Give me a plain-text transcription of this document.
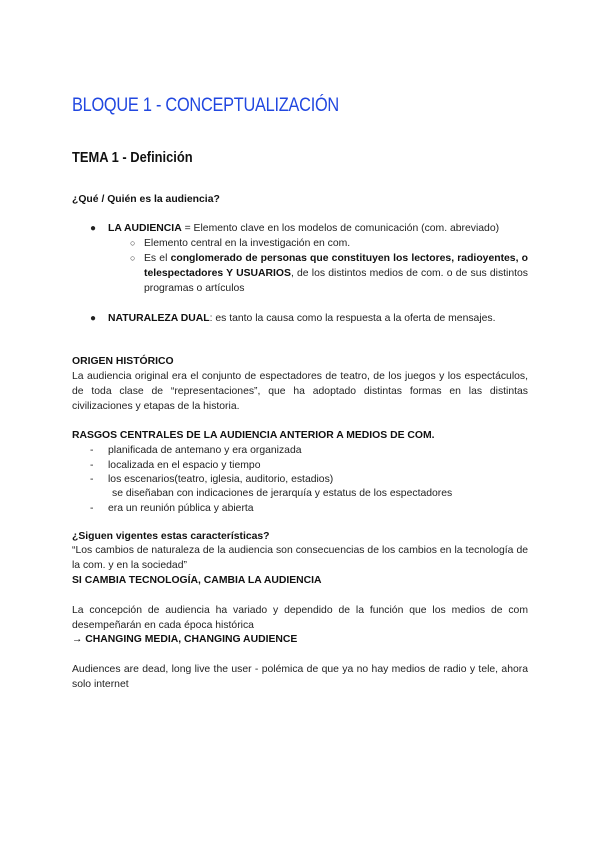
BLOQUE 1 - CONCEPTUALIZACIÓN
TEMA 1 - Definición
¿Qué / Quién es la audiencia?
● LA AUDIENCIA = Elemento clave en los modelos de comunicación (com. abreviado)
○ Elemento central en la investigación en com.
○ Es el conglomerado de personas que constituyen los lectores, radioyentes, o telespectadores Y USUARIOS, de los distintos medios de com. o de sus distintos programas o artículos
● NATURALEZA DUAL: es tanto la causa como la respuesta a la oferta de mensajes.
ORIGEN HISTÓRICO
La audiencia original era el conjunto de espectadores de teatro, de los juegos y los espectáculos, de toda clase de “representaciones”, que ha adoptado distintas formas en las distintas civilizaciones y etapas de la historia.
RASGOS CENTRALES DE LA AUDIENCIA ANTERIOR A MEDIOS DE COM.
- planificada de antemano y era organizada
- localizada en el espacio y tiempo
- los escenarios(teatro, iglesia, auditorio, estadios)
se diseñaban con indicaciones de jerarquía y estatus de los espectadores
- era un reunión pública y abierta
¿Siguen vigentes estas características?
“Los cambios de naturaleza de la audiencia son consecuencias de los cambios en la tecnología de la com. y en la sociedad”
SI CAMBIA TECNOLOGÍA, CAMBIA LA AUDIENCIA
La concepción de audiencia ha variado y dependido de la función que los medios de com desempeñarán en cada época histórica
→ CHANGING MEDIA, CHANGING AUDIENCE
Audiences are dead, long live the user - polémica de que ya no hay medios de radio y tele, ahora solo internet
